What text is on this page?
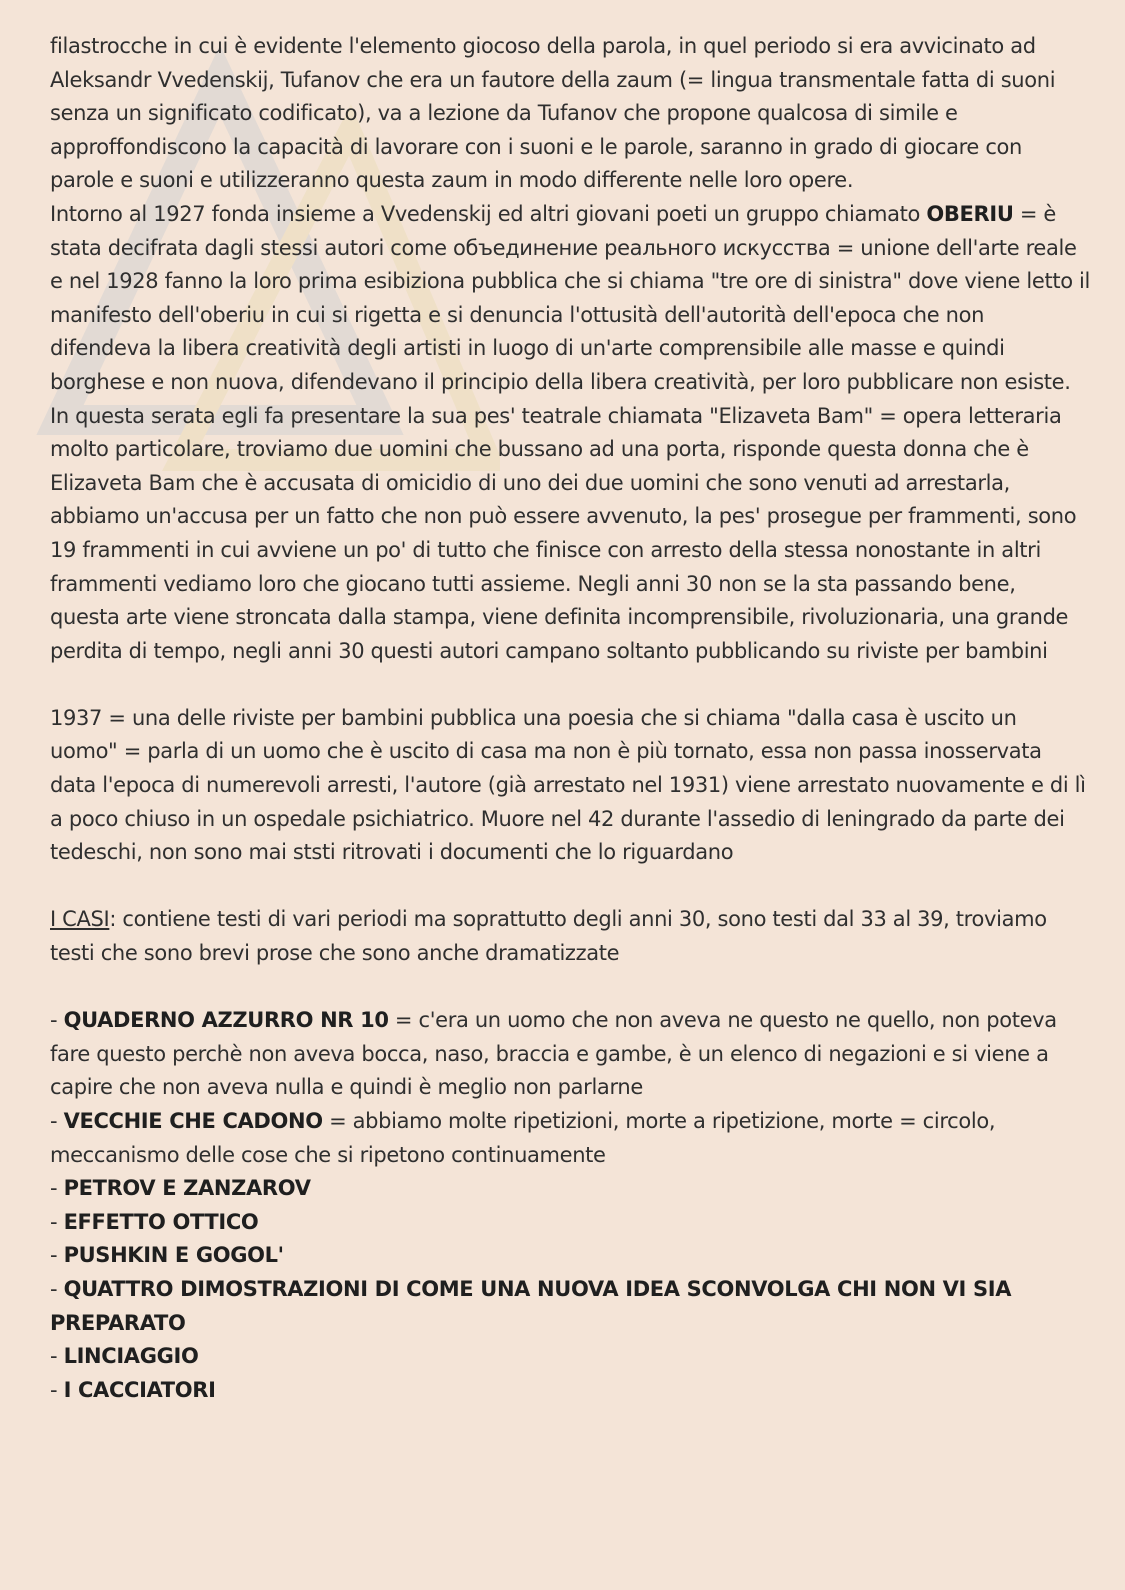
filastrocche in cui è evidente l'elemento giocoso della parola, in quel periodo si era avvicinato ad Aleksandr Vvedenskij, Tufanov che era un fautore della zaum (= lingua transmentale fatta di suoni senza un significato codificato), va a lezione da Tufanov che propone qualcosa di simile e approffondiscono la capacità di lavorare con i suoni e le parole, saranno in grado di giocare con parole e suoni e utilizzeranno questa zaum in modo differente nelle loro opere.

Intorno al 1927 fonda insieme a Vvedenskij ed altri giovani poeti un gruppo chiamato OBERIU = è stata decifrata dagli stessi autori come объединение реального искусства = unione dell'arte reale e nel 1928 fanno la loro prima esibiziona pubblica che si chiama "tre ore di sinistra" dove viene letto il manifesto dell'oberiu in cui si rigetta e si denuncia l'ottusità dell'autorità dell'epoca che non difendeva la libera creatività degli artisti in luogo di un'arte comprensibile alle masse e quindi borghese e non nuova, difendevano il principio della libera creatività, per loro pubblicare non esiste. In questa serata egli fa presentare la sua pes' teatrale chiamata "Elizaveta Bam" = opera letteraria molto particolare, troviamo due uomini che bussano ad una porta, risponde questa donna che è Elizaveta Bam che è accusata di omicidio di uno dei due uomini che sono venuti ad arrestarla, abbiamo un'accusa per un fatto che non può essere avvenuto, la pes' prosegue per frammenti, sono 19 frammenti in cui avviene un po' di tutto che finisce con arresto della stessa nonostante in altri frammenti vediamo loro che giocano tutti assieme. Negli anni 30 non se la sta passando bene, questa arte viene stroncata dalla stampa, viene definita incomprensibile, rivoluzionaria, una grande perdita di tempo, negli anni 30 questi autori campano soltanto pubblicando su riviste per bambini

1937 = una delle riviste per bambini pubblica una poesia che si chiama "dalla casa è uscito un uomo" = parla di un uomo che è uscito di casa ma non è più tornato, essa non passa inosservata data l'epoca di numerevoli arresti, l'autore (già arrestato nel 1931) viene arrestato nuovamente e di lì a poco chiuso in un ospedale psichiatrico. Muore nel 42 durante l'assedio di leningrado da parte dei tedeschi, non sono mai ststi ritrovati i documenti che lo riguardano

I CASI: contiene testi di vari periodi ma soprattutto degli anni 30, sono testi dal 33 al 39, troviamo testi che sono brevi prose che sono anche dramatizzate

- QUADERNO AZZURRO NR 10 = c'era un uomo che non aveva ne questo ne quello, non poteva fare questo perchè non aveva bocca, naso, braccia e gambe, è un elenco di negazioni e si viene a capire che non aveva nulla e quindi è meglio non parlarne

- VECCHIE CHE CADONO = abbiamo molte ripetizioni, morte a ripetizione, morte = circolo, meccanismo delle cose che si ripetono continuamente

- PETROV E ZANZAROV

- EFFETTO OTTICO

- PUSHKIN E GOGOL'

- QUATTRO DIMOSTRAZIONI DI COME UNA NUOVA IDEA SCONVOLGA CHI NON VI SIA PREPARATO

- LINCIAGGIO

- I CACCIATORI
